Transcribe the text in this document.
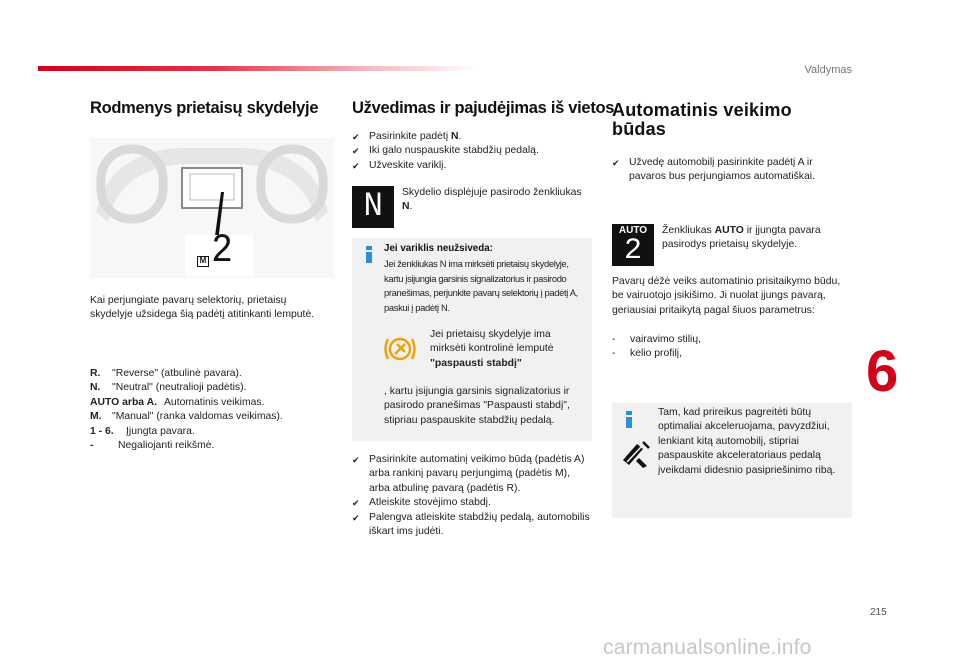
Valdymas
Rodmenys prietaisų skydelyje
M 2
Kai perjungiate pavarų selektorių, prietaisų skydelyje užsidega šią padėtį atitinkanti lemputė.
R.	"Reverse" (atbulinė pavara).
N.	"Neutral" (neutralioji padėtis).
AUTO arba A. Automatinis veikimas.
M.	"Manual" (ranka valdomas veikimas).
1 - 6.	Įjungta pavara.
-	Negaliojanti reikšmė.
Užvedimas ir pajudėjimas iš vietos
✔ Pasirinkite padėtį N.
✔ Iki galo nuspauskite stabdžių pedalą.
✔ Užveskite variklį.
N Skydelio displėjuje pasirodo ženkliukas N.
Jei variklis neužsiveda:
Jei ženkliukas N ima mirksėti prietaisų skydelyje, kartu įsijungia garsinis signalizatorius ir pasirodo pranešimas, perjunkite pavarų selektorių į padėtį A, paskui į padėtį N.
Jei prietaisų skydelyje ima mirksėti kontrolinė lemputė "paspausti stabdį"
, kartu įsijungia garsinis signalizatorius ir pasirodo pranešimas "Paspausti stabdį", stipriau paspauskite stabdžių pedalą.
✔ Pasirinkite automatinį veikimo būdą (padėtis A) arba rankinį pavarų perjungimą (padėtis M), arba atbulinę pavarą (padėtis R).
✔ Atleiskite stovėjimo stabdį.
✔ Palengva atleiskite stabdžių pedalą, automobilis iškart ims judėti.
Automatinis veikimo
būdas
✔ Užvedę automobilį pasirinkite padėtį A ir pavaros bus perjungiamos automatiškai.
AUTO
2
Ženkliukas AUTO ir įjungta pavara pasirodys prietaisų skydelyje.
Pavarų dėžė veiks automatinio prisitaikymo būdu, be vairuotojo įsikišimo. Ji nuolat įjungs pavarą, geriausiai pritaikytą pagal šiuos parametrus:
-	vairavimo stilių,
-	kelio profilį,
Tam, kad prireikus pagreitėti būtų optimaliai akceleruojama, pavyzdžiui, lenkiant kitą automobilį, stipriai paspauskite akceleratoriaus pedalą įveikdami didesnio pasipriešinimo ribą.
6
215
carmanualsonline.info
